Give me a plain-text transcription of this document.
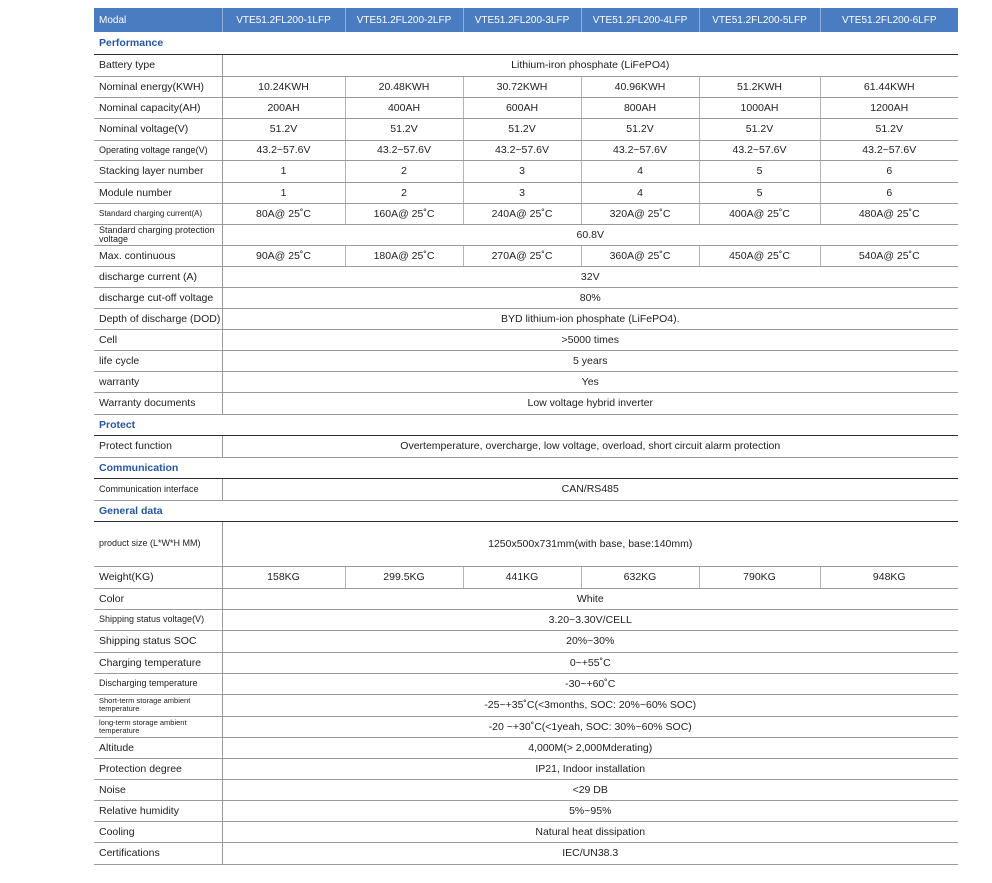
Modal	VTE51.2FL200-1LFP	VTE51.2FL200-2LFP	VTE51.2FL200-3LFP	VTE51.2FL200-4LFP	VTE51.2FL200-5LFP	VTE51.2FL200-6LFP
Performance						
Battery type	Lithium-iron phosphate (LiFePO4)					
Nominal energy(KWH)	10.24KWH	20.48KWH	30.72KWH	40.96KWH	51.2KWH	61.44KWH
Nominal capacity(AH)	200AH	400AH	600AH	800AH	1000AH	1200AH
Nominal voltage(V)	51.2V	51.2V	51.2V	51.2V	51.2V	51.2V
Operating voltage range(V)	43.2~57.6V	43.2~57.6V	43.2~57.6V	43.2~57.6V	43.2~57.6V	43.2~57.6V
Stacking layer number	1	2	3	4	5	6
Module number	1	2	3	4	5	6
Standard charging current(A)	80A@ 25˚C	160A@ 25˚C	240A@ 25˚C	320A@ 25˚C	400A@ 25˚C	480A@ 25˚C
Standard charging protection voltage	60.8V					
Max. continuous	90A@ 25˚C	180A@ 25˚C	270A@ 25˚C	360A@ 25˚C	450A@ 25˚C	540A@ 25˚C
discharge current (A)	32V					
discharge cut-off voltage	80%					
Depth of discharge (DOD)	BYD lithium-ion phosphate (LiFePO4).					
Cell	>5000 times					
life cycle	5 years					
warranty	Yes					
Warranty documents	Low voltage hybrid inverter					
Protect						
Protect function	Overtemperature, overcharge, low voltage, overload, short circuit alarm protection					
Communication						
Communication interface	CAN/RS485					
General data						
product size (L*W*H MM)	1250x500x731mm(with base, base:140mm)					
Weight(KG)	158KG	299.5KG	441KG	632KG	790KG	948KG
Color	White					
Shipping status voltage(V)	3.20~3.30V/CELL					
Shipping status SOC	20%~30%					
Charging temperature	0~+55˚C					
Discharging temperature	-30~+60˚C					
Short-term storage ambient temperature	-25~+35˚C(<3months, SOC: 20%~60% SOC)					
long-term storage ambient temperature	-20 ~+30˚C(<1yeah, SOC: 30%~60% SOC)					
Altitude	4,000M(> 2,000Mderating)					
Protection degree	IP21, Indoor installation					
Noise	<29 DB					
Relative humidity	5%~95%					
Cooling	Natural heat dissipation					
Certifications	IEC/UN38.3					
